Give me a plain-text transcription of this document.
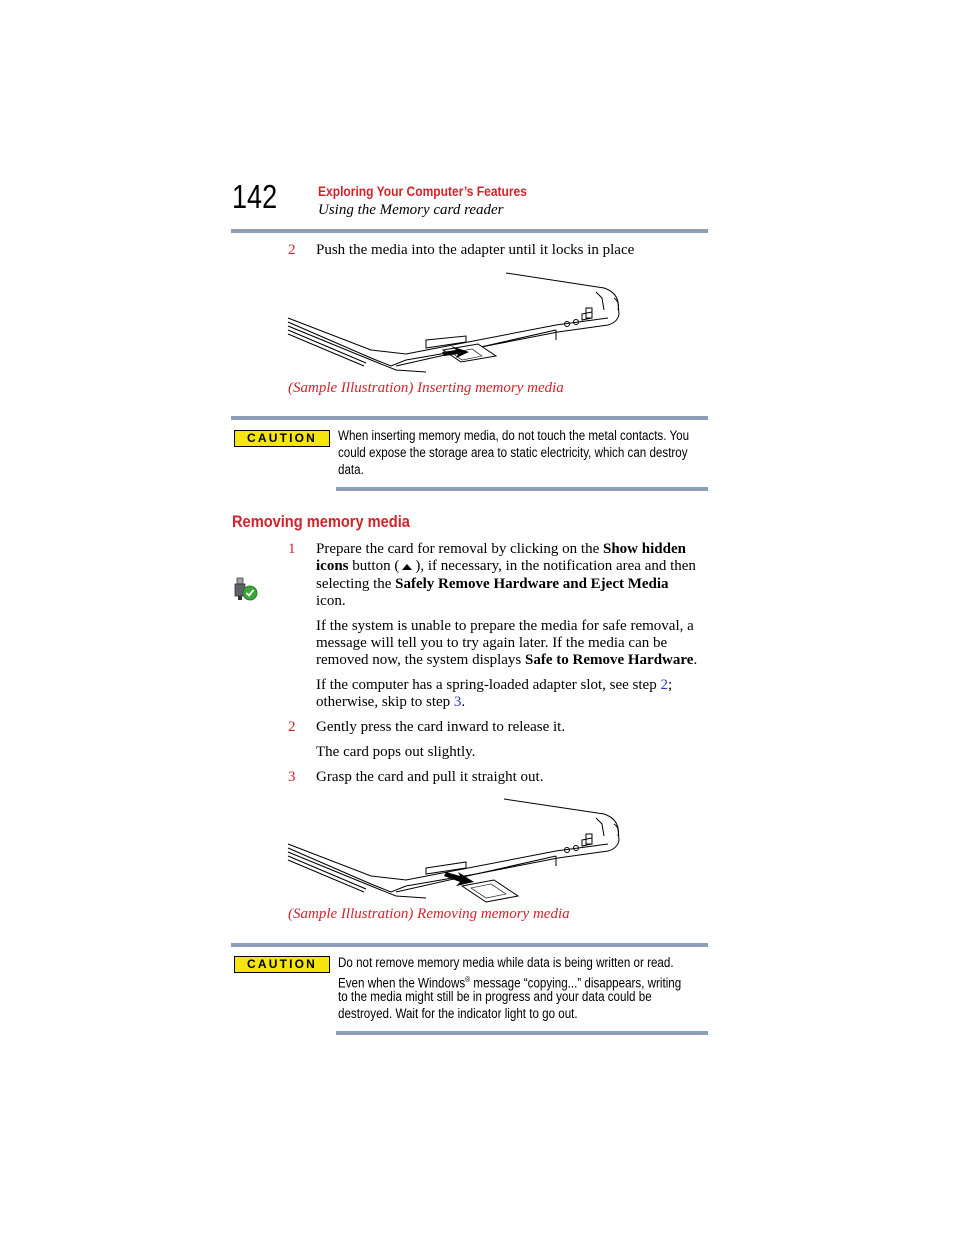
142	Exploring Your Computer’s Features
Using the Memory card reader
2 Push the media into the adapter until it locks in place
(Sample Illustration) Inserting memory media
CAUTION	When inserting memory media, do not touch the metal contacts. You
could expose the storage area to static electricity, which can destroy
data.
Removing memory media
1 Prepare the card for removal by clicking on the Show hidden
icons button ( ), if necessary, in the notification area and then
selecting the Safely Remove Hardware and Eject Media
icon.
If the system is unable to prepare the media for safe removal, a
message will tell you to try again later. If the media can be
removed now, the system displays Safe to Remove Hardware.
If the computer has a spring-loaded adapter slot, see step 2;
otherwise, skip to step 3.
2 Gently press the card inward to release it.
The card pops out slightly.
3 Grasp the card and pull it straight out.
(Sample Illustration) Removing memory media
CAUTION	Do not remove memory media while data is being written or read.
Even when the Windows® message “copying...” disappears, writing
to the media might still be in progress and your data could be
destroyed. Wait for the indicator light to go out.
